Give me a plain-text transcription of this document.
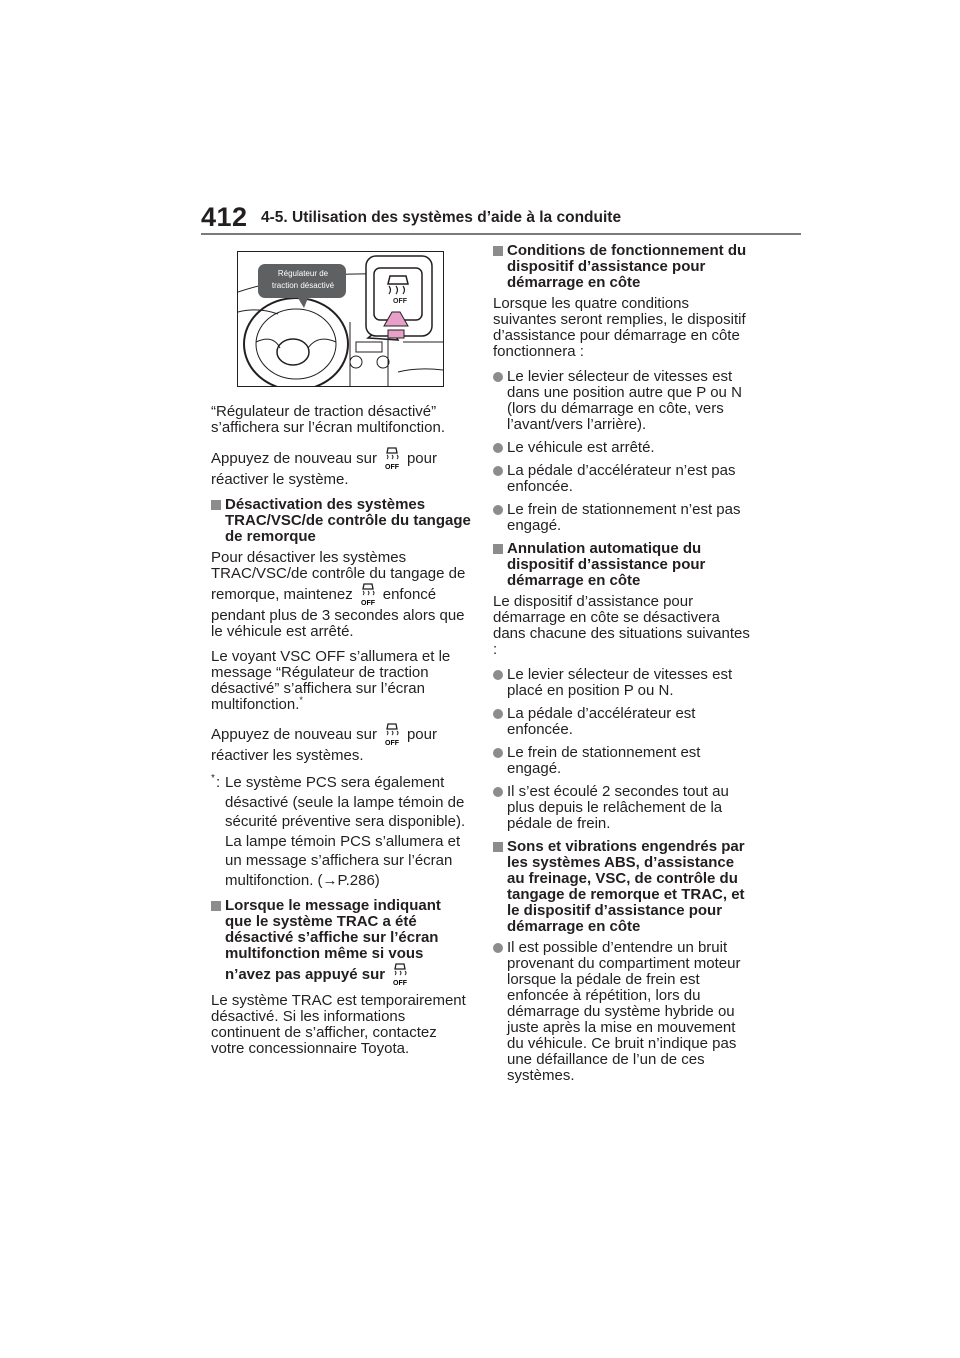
412 4-5. Utilisation des systèmes d’aide à la conduite
Régulateur de
traction désactivé
OFF

“Régulateur de traction désactivé” s’affichera sur l’écran multifonction.

Appuyez de nouveau sur
OFF
pour réactiver le système.

Désactivation des systèmes TRAC/VSC/de contrôle du tangage de remorque

Pour désactiver les systèmes TRAC/VSC/de contrôle du tangage de remorque, maintenez
OFF
enfoncé pendant plus de 3 secondes alors que le véhicule est arrêté.

Le voyant VSC OFF s’allumera et le message “Régulateur de traction désactivé” s’affichera sur l’écran multifonction.*

Appuyez de nouveau sur
OFF
pour réactiver les systèmes.

* : Le système PCS sera également désactivé (seule la lampe témoin de sécurité préventive sera disponible). La lampe témoin PCS s’allumera et un message s’affichera sur l’écran multifonction. (→P.286)
Lorsque le message indiquant que le système TRAC a été désactivé s’affiche sur l’écran multifonction même si vous n’avez pas appuyé sur
OFF

Le système TRAC est temporairement désactivé. Si les informations continuent de s’afficher, contactez votre concessionnaire Toyota.

Conditions de fonctionnement du dispositif d’assistance pour démarrage en côte

Lorsque les quatre conditions suivantes seront remplies, le dispositif d’assistance pour démarrage en côte fonctionnera :

Le levier sélecteur de vitesses est dans une position autre que P ou N (lors du démarrage en côte, vers l’avant/vers l’arrière).
Le véhicule est arrêté.
La pédale d’accélérateur n’est pas enfoncée.
Le frein de stationnement n’est pas engagé.
Annulation automatique du dispositif d’assistance pour démarrage en côte

Le dispositif d’assistance pour démarrage en côte se désactivera dans chacune des situations suivantes :

Le levier sélecteur de vitesses est placé en position P ou N.
La pédale d’accélérateur est enfoncée.
Le frein de stationnement est engagé.
Il s’est écoulé 2 secondes tout au plus depuis le relâchement de la pédale de frein.
Sons et vibrations engendrés par les systèmes ABS, d’assistance au freinage, VSC, de contrôle du tangage de remorque et TRAC, et le dispositif d’assistance pour démarrage en côte
Il est possible d’entendre un bruit provenant du compartiment moteur lorsque la pédale de frein est enfoncée à répétition, lors du démarrage du système hybride ou juste après la mise en mouvement du véhicule. Ce bruit n’indique pas une défaillance de l’un de ces systèmes.
